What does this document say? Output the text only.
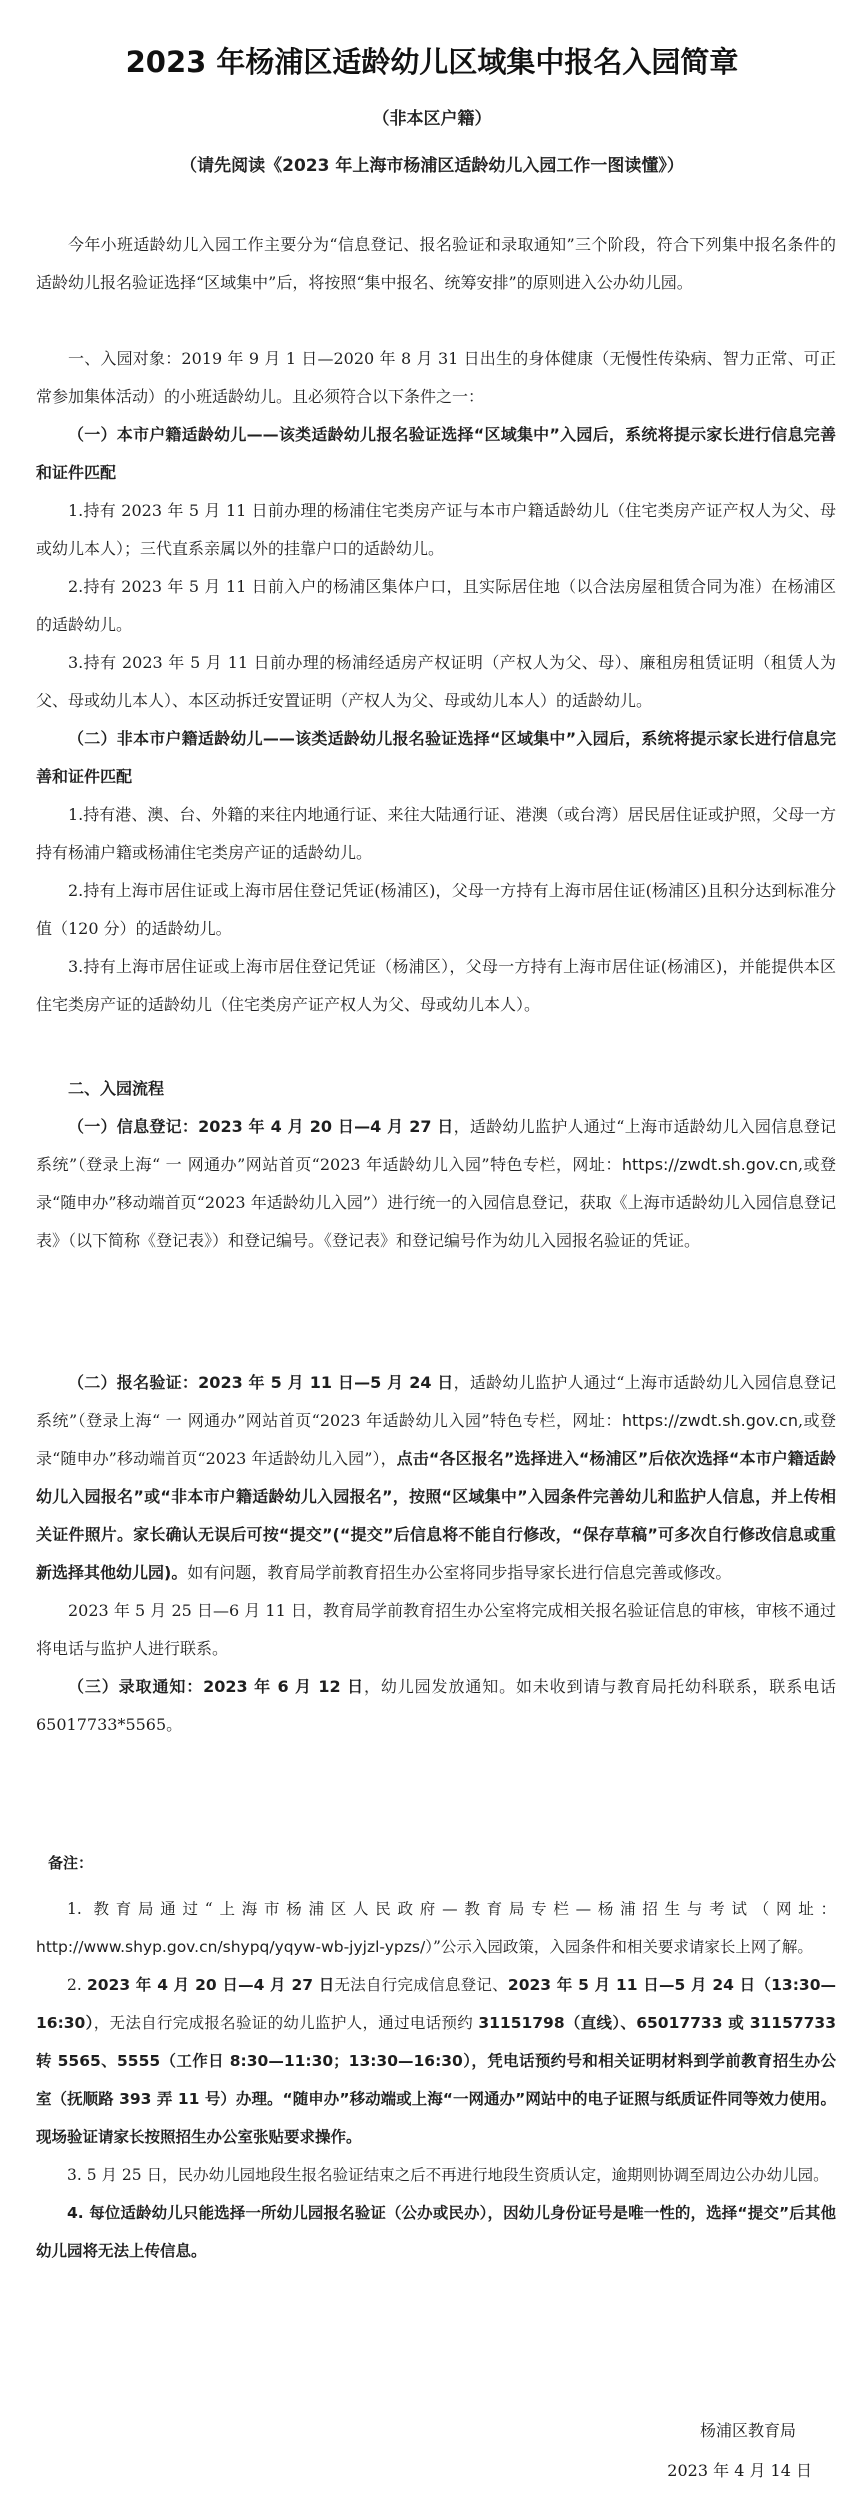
2023 年杨浦区适龄幼儿区域集中报名入园简章
（非本区户籍）
（请先阅读《2023 年上海市杨浦区适龄幼儿入园工作一图读懂》）

今年小班适龄幼儿入园工作主要分为“信息登记、报名验证和录取通知”三个阶段，符合下列集中报名条件的适龄幼儿报名验证选择“区域集中”后，将按照“集中报名、统筹安排”的原则进入公办幼儿园。

一、入园对象：2019 年 9 月 1 日—2020 年 8 月 31 日出生的身体健康（无慢性传染病、智力正常、可正常参加集体活动）的小班适龄幼儿。且必须符合以下条件之一：

（一）本市户籍适龄幼儿——该类适龄幼儿报名验证选择“区域集中”入园后，系统将提示家长进行信息完善和证件匹配

1.持有 2023 年 5 月 11 日前办理的杨浦住宅类房产证与本市户籍适龄幼儿（住宅类房产证产权人为父、母或幼儿本人）；三代直系亲属以外的挂靠户口的适龄幼儿。

2.持有 2023 年 5 月 11 日前入户的杨浦区集体户口，且实际居住地（以合法房屋租赁合同为准）在杨浦区的适龄幼儿。

3.持有 2023 年 5 月 11 日前办理的杨浦经适房产权证明（产权人为父、母）、廉租房租赁证明（租赁人为父、母或幼儿本人）、本区动拆迁安置证明（产权人为父、母或幼儿本人）的适龄幼儿。

（二）非本市户籍适龄幼儿——该类适龄幼儿报名验证选择“区域集中”入园后，系统将提示家长进行信息完善和证件匹配

1.持有港、澳、台、外籍的来往内地通行证、来往大陆通行证、港澳（或台湾）居民居住证或护照，父母一方持有杨浦户籍或杨浦住宅类房产证的适龄幼儿。

2.持有上海市居住证或上海市居住登记凭证(杨浦区)，父母一方持有上海市居住证(杨浦区)且积分达到标准分值（120 分）的适龄幼儿。

3.持有上海市居住证或上海市居住登记凭证（杨浦区），父母一方持有上海市居住证(杨浦区)，并能提供本区住宅类房产证的适龄幼儿（住宅类房产证产权人为父、母或幼儿本人）。

二、入园流程

（一）信息登记：2023 年 4 月 20 日—4 月 27 日，适龄幼儿监护人通过“上海市适龄幼儿入园信息登记系统”（登录上海“ 一 网通办”网站首页“2023 年适龄幼儿入园”特色专栏，网址：https://zwdt.sh.gov.cn,或登录“随申办”移动端首页“2023 年适龄幼儿入园”）进行统一的入园信息登记，获取《上海市适龄幼儿入园信息登记表》（以下简称《登记表》）和登记编号。《登记表》和登记编号作为幼儿入园报名验证的凭证。

（二）报名验证：2023 年 5 月 11 日—5 月 24 日，适龄幼儿监护人通过“上海市适龄幼儿入园信息登记系统”（登录上海“ 一 网通办”网站首页“2023 年适龄幼儿入园”特色专栏，网址：https://zwdt.sh.gov.cn,或登录“随申办”移动端首页“2023 年适龄幼儿入园”），点击“各区报名”选择进入“杨浦区”后依次选择“本市户籍适龄幼儿入园报名”或“非本市户籍适龄幼儿入园报名”，按照“区域集中”入园条件完善幼儿和监护人信息，并上传相关证件照片。家长确认无误后可按“提交”(“提交”后信息将不能自行修改，“保存草稿”可多次自行修改信息或重新选择其他幼儿园)。如有问题，教育局学前教育招生办公室将同步指导家长进行信息完善或修改。

2023 年 5 月 25 日—6 月 11 日，教育局学前教育招生办公室将完成相关报名验证信息的审核，审核不通过将电话与监护人进行联系。

（三）录取通知：2023 年 6 月 12 日，幼儿园发放通知。如未收到请与教育局托幼科联系，联系电话 65017733*5565。

备注：

1. 教育局通过“上海市杨浦区人民政府—教育局专栏—杨浦招生与考试（网址：http://www.shyp.gov.cn/shypq/yqyw-wb-jyjzl-ypzs/）”公示入园政策，入园条件和相关要求请家长上网了解。

2. 2023 年 4 月 20 日—4 月 27 日无法自行完成信息登记、2023 年 5 月 11 日—5 月 24 日（13:30—16:30），无法自行完成报名验证的幼儿监护人，通过电话预约 31151798（直线）、65017733 或 31157733 转 5565、5555（工作日 8:30—11:30；13:30—16:30），凭电话预约号和相关证明材料到学前教育招生办公室（抚顺路 393 弄 11 号）办理。“随申办”移动端或上海“一网通办”网站中的电子证照与纸质证件同等效力使用。现场验证请家长按照招生办公室张贴要求操作。

3. 5 月 25 日，民办幼儿园地段生报名验证结束之后不再进行地段生资质认定，逾期则协调至周边公办幼儿园。

4. 每位适龄幼儿只能选择一所幼儿园报名验证（公办或民办），因幼儿身份证号是唯一性的，选择“提交”后其他幼儿园将无法上传信息。

杨浦区教育局
2023 年 4 月 14 日
